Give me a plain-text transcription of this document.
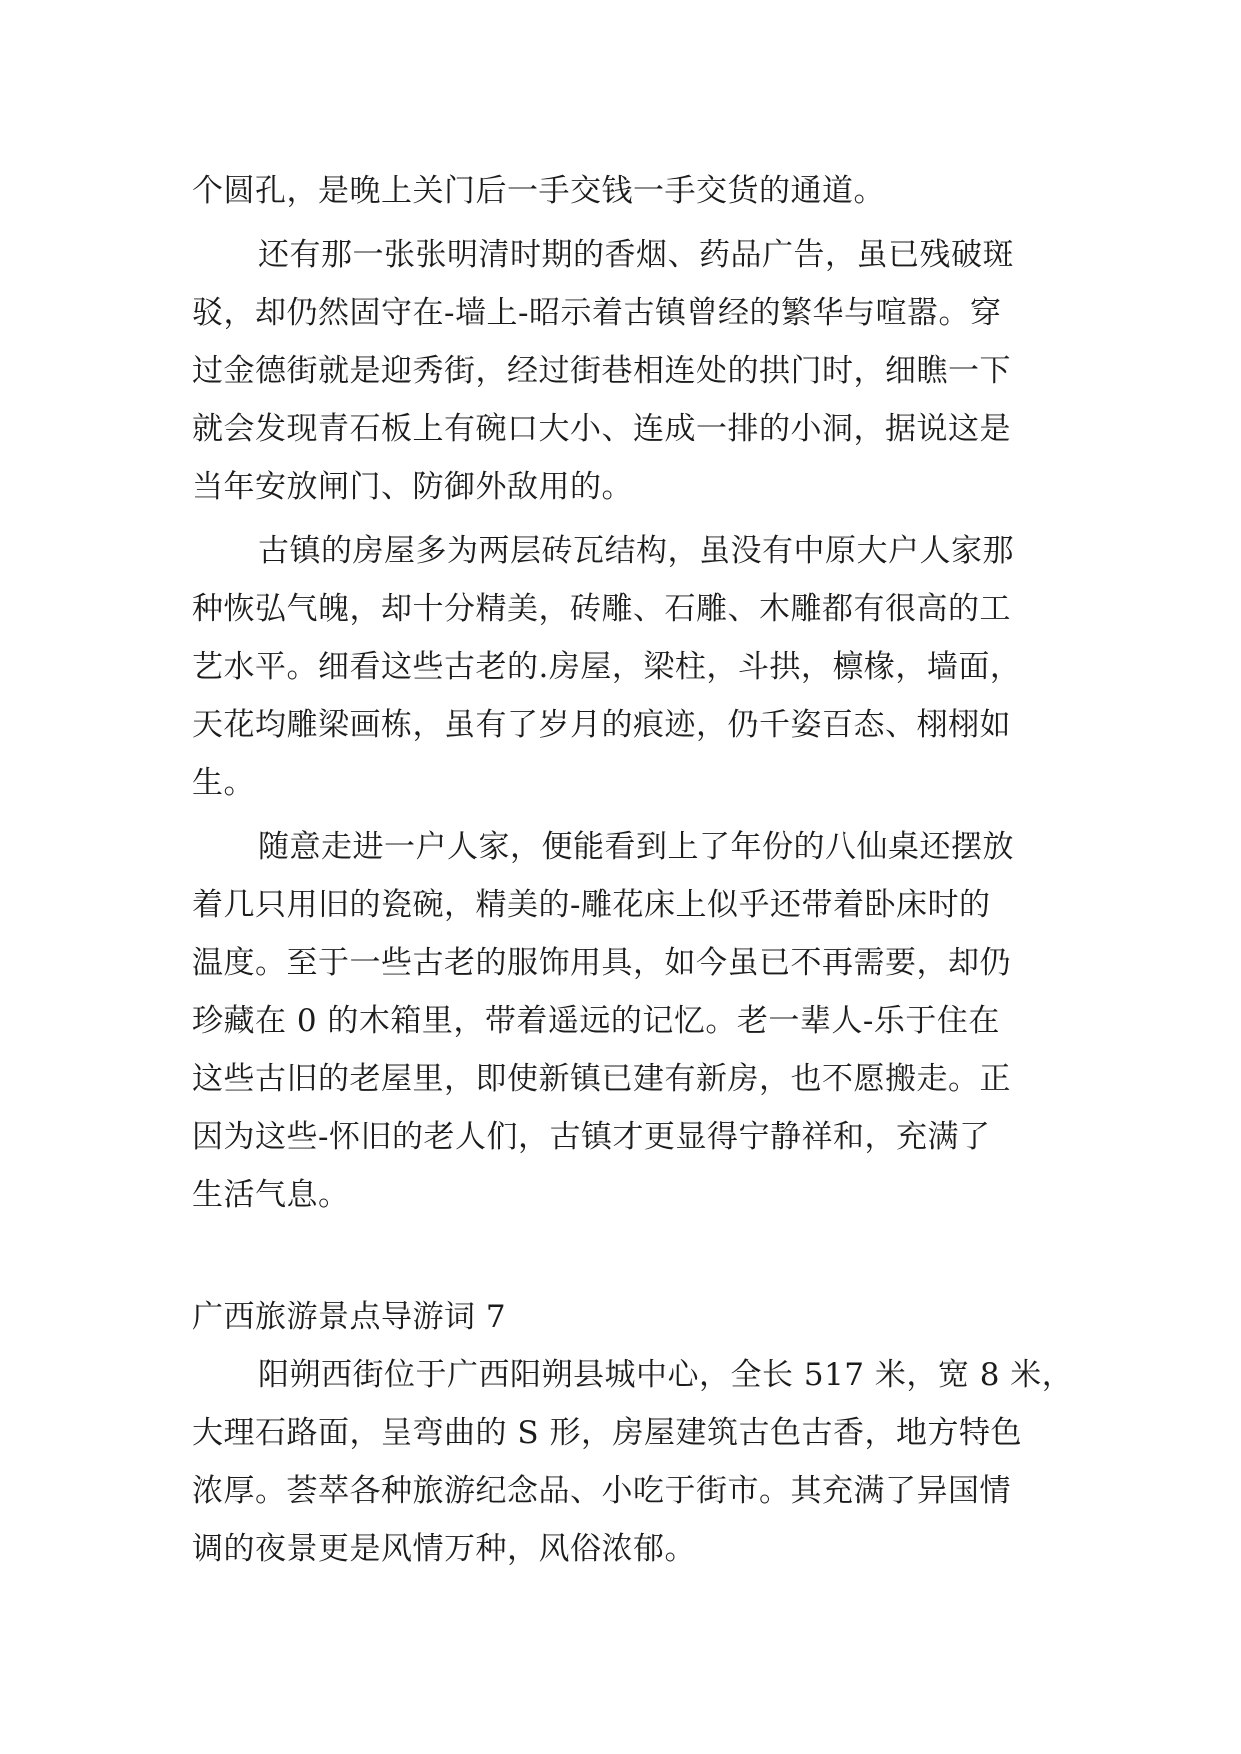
个圆孔，是晚上关门后一手交钱一手交货的通道。
还有那一张张明清时期的香烟、药品广告，虽已残破斑
驳，却仍然固守在-墙上-昭示着古镇曾经的繁华与喧嚣。穿
过金德街就是迎秀街，经过街巷相连处的拱门时，细瞧一下
就会发现青石板上有碗口大小、连成一排的小洞，据说这是
当年安放闸门、防御外敌用的。
古镇的房屋多为两层砖瓦结构，虽没有中原大户人家那
种恢弘气魄，却十分精美，砖雕、石雕、木雕都有很高的工
艺水平。细看这些古老的.房屋，梁柱，斗拱，檩椽，墙面，
天花均雕梁画栋，虽有了岁月的痕迹，仍千姿百态、栩栩如
生。
随意走进一户人家，便能看到上了年份的八仙桌还摆放
着几只用旧的瓷碗，精美的-雕花床上似乎还带着卧床时的
温度。至于一些古老的服饰用具，如今虽已不再需要，却仍
珍藏在 0 的木箱里，带着遥远的记忆。老一辈人-乐于住在
这些古旧的老屋里，即使新镇已建有新房，也不愿搬走。正
因为这些-怀旧的老人们，古镇才更显得宁静祥和，充满了
生活气息。
广西旅游景点导游词 7
阳朔西街位于广西阳朔县城中心，全长 517 米，宽 8 米，
大理石路面，呈弯曲的 S 形，房屋建筑古色古香，地方特色
浓厚。荟萃各种旅游纪念品、小吃于街市。其充满了异国情
调的夜景更是风情万种，风俗浓郁。
